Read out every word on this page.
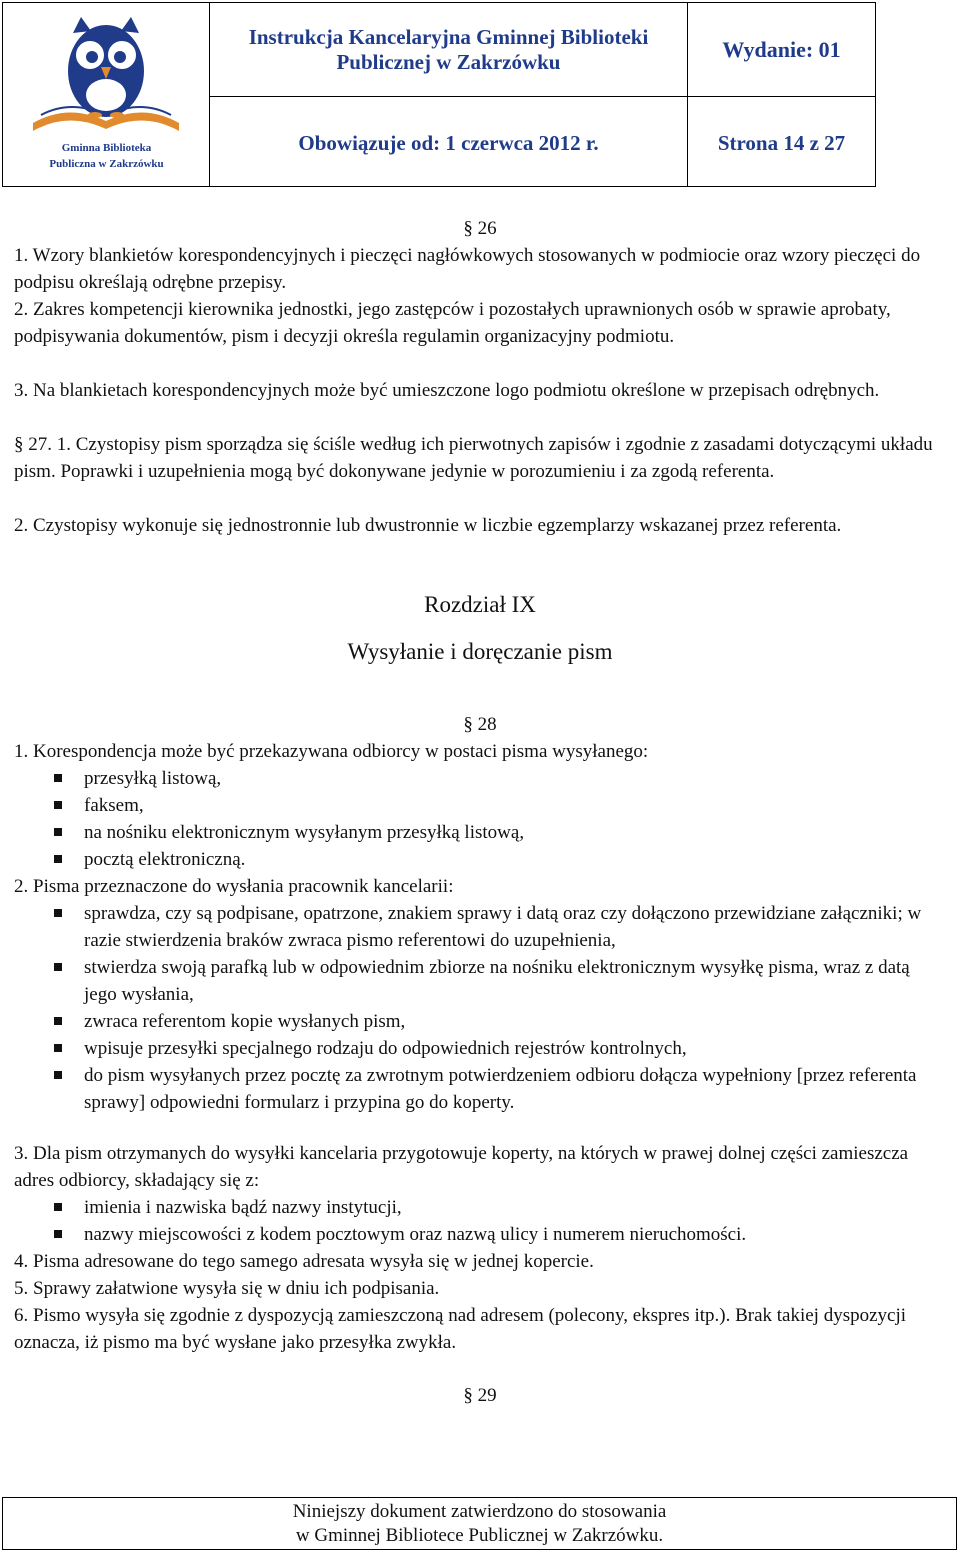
Gminna Biblioteka
Publiczna w Zakrzówku
Instrukcja Kancelaryjna Gminnej Biblioteki
Publicznej w Zakrzówku	Wydanie: 01
Obowiązuje od: 1 czerwca 2012 r.	Strona 14 z 27
§ 26

1. Wzory blankietów korespondencyjnych i pieczęci nagłówkowych stosowanych w podmiocie oraz wzory pieczęci do podpisu określają odrębne przepisy.

2. Zakres kompetencji kierownika jednostki, jego zastępców i pozostałych uprawnionych osób w sprawie aprobaty, podpisywania dokumentów, pism i decyzji określa regulamin organizacyjny podmiotu.

3. Na blankietach korespondencyjnych może być umieszczone logo podmiotu określone w przepisach odrębnych.

§ 27. 1. Czystopisy pism sporządza się ściśle według ich pierwotnych zapisów i zgodnie z zasadami dotyczącymi układu pism. Poprawki i uzupełnienia mogą być dokonywane jedynie w porozumieniu i za zgodą referenta.

2. Czystopisy wykonuje się jednostronnie lub dwustronnie w liczbie egzemplarzy wskazanej przez referenta.

Rozdział IX
Wysyłanie i doręczanie pism
§ 28

1. Korespondencja może być przekazywana odbiorcy w postaci pisma wysyłanego:

przesyłką listową,
faksem,
na nośniku elektronicznym wysyłanym przesyłką listową,
pocztą elektroniczną.

2. Pisma przeznaczone do wysłania pracownik kancelarii:

sprawdza, czy są podpisane, opatrzone, znakiem sprawy i datą oraz czy dołączono przewidziane załączniki; w razie stwierdzenia braków zwraca pismo referentowi do uzupełnienia,
stwierdza swoją parafką lub w odpowiednim zbiorze na nośniku elektronicznym wysyłkę pisma, wraz z datą jego wysłania,
zwraca referentom kopie wysłanych pism,
wpisuje przesyłki specjalnego rodzaju do odpowiednich rejestrów kontrolnych,
do pism wysyłanych przez pocztę za zwrotnym potwierdzeniem odbioru dołącza wypełniony [przez referenta sprawy] odpowiedni formularz i przypina go do koperty.

3. Dla pism otrzymanych do wysyłki kancelaria przygotowuje koperty, na których w prawej dolnej części zamieszcza adres odbiorcy, składający się z:

imienia i nazwiska bądź nazwy instytucji,
nazwy miejscowości z kodem pocztowym oraz nazwą ulicy i numerem nieruchomości.

4. Pisma adresowane do tego samego adresata wysyła się w jednej kopercie.

5. Sprawy załatwione wysyła się w dniu ich podpisania.

6. Pismo wysyła się zgodnie z dyspozycją zamieszczoną nad adresem (polecony, ekspres itp.). Brak takiej dyspozycji oznacza, iż pismo ma być wysłane jako przesyłka zwykła.

§ 29
Niniejszy dokument zatwierdzono do stosowania
w Gminnej Bibliotece Publicznej w Zakrzówku.
